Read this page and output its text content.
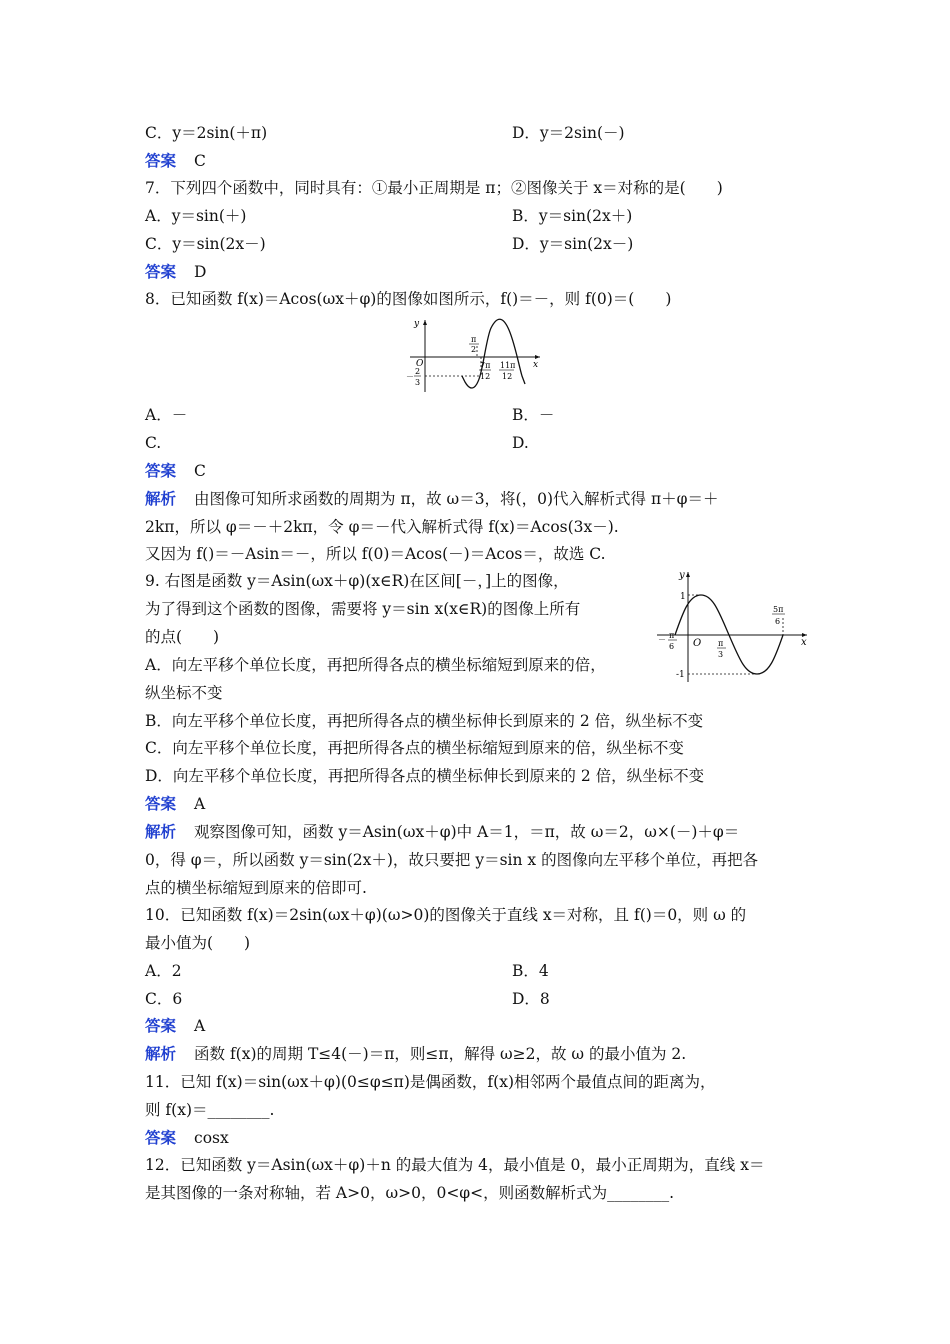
C．y＝2sin(＋π)	D．y＝2sin(－)
答案 C
7．下列四个函数中，同时具有：①最小正周期是 π；②图像关于 x＝对称的是(　　)
A．y＝sin(＋)	B．y＝sin(2x＋)
C．y＝sin(2x－)	D．y＝sin(2x－)
答案 D
8．已知函数 f(x)＝Acos(ωx＋φ)的图像如图所示，f()＝－，则 f(0)＝(　　)
y
x
O
π
2
－
2
3
7π
12
11π
12
A．－	B．－
C.	D.
答案 C
解析 由图像可知所求函数的周期为 π，故 ω＝3，将(，0)代入解析式得 π＋φ＝＋
2kπ，所以 φ＝－＋2kπ，令 φ＝－代入解析式得 f(x)＝Acos(3x－).
又因为 f()＝－Asin＝－，所以 f(0)＝Acos(－)＝Acos＝，故选 C.
9. 右图是函数 y＝Asin(ωx＋φ)(x∈R)在区间[－，]上的图像，
为了得到这个函数的图像，需要将 y＝sin x(x∈R)的图像上所有
的点(　　)
A．向左平移个单位长度，再把所得各点的横坐标缩短到原来的倍，
纵坐标不变
y
x
O
1
-1
－ π
6	π
3
5π
6
B．向左平移个单位长度，再把所得各点的横坐标伸长到原来的 2 倍，纵坐标不变
C．向左平移个单位长度，再把所得各点的横坐标缩短到原来的倍，纵坐标不变
D．向左平移个单位长度，再把所得各点的横坐标伸长到原来的 2 倍，纵坐标不变
答案 A
解析 观察图像可知，函数 y＝Asin(ωx＋φ)中 A＝1，＝π，故 ω＝2，ω×(－)＋φ＝
0，得 φ＝，所以函数 y＝sin(2x＋)，故只要把 y＝sin x 的图像向左平移个单位，再把各
点的横坐标缩短到原来的倍即可.
10．已知函数 f(x)＝2sin(ωx＋φ)(ω>0)的图像关于直线 x＝对称，且 f()＝0，则 ω 的
最小值为(　　)
A．2	B．4
C．6	D．8
答案 A
解析 函数 f(x)的周期 T≤4(－)＝π，则≤π，解得 ω≥2，故 ω 的最小值为 2.
11．已知 f(x)＝sin(ωx＋φ)(0≤φ≤π)是偶函数，f(x)相邻两个最值点间的距离为，
则 f(x)＝________.
答案 cosx
12．已知函数 y＝Asin(ωx＋φ)＋n 的最大值为 4，最小值是 0，最小正周期为，直线 x＝
是其图像的一条对称轴，若 A>0，ω>0，0<φ<，则函数解析式为________.
